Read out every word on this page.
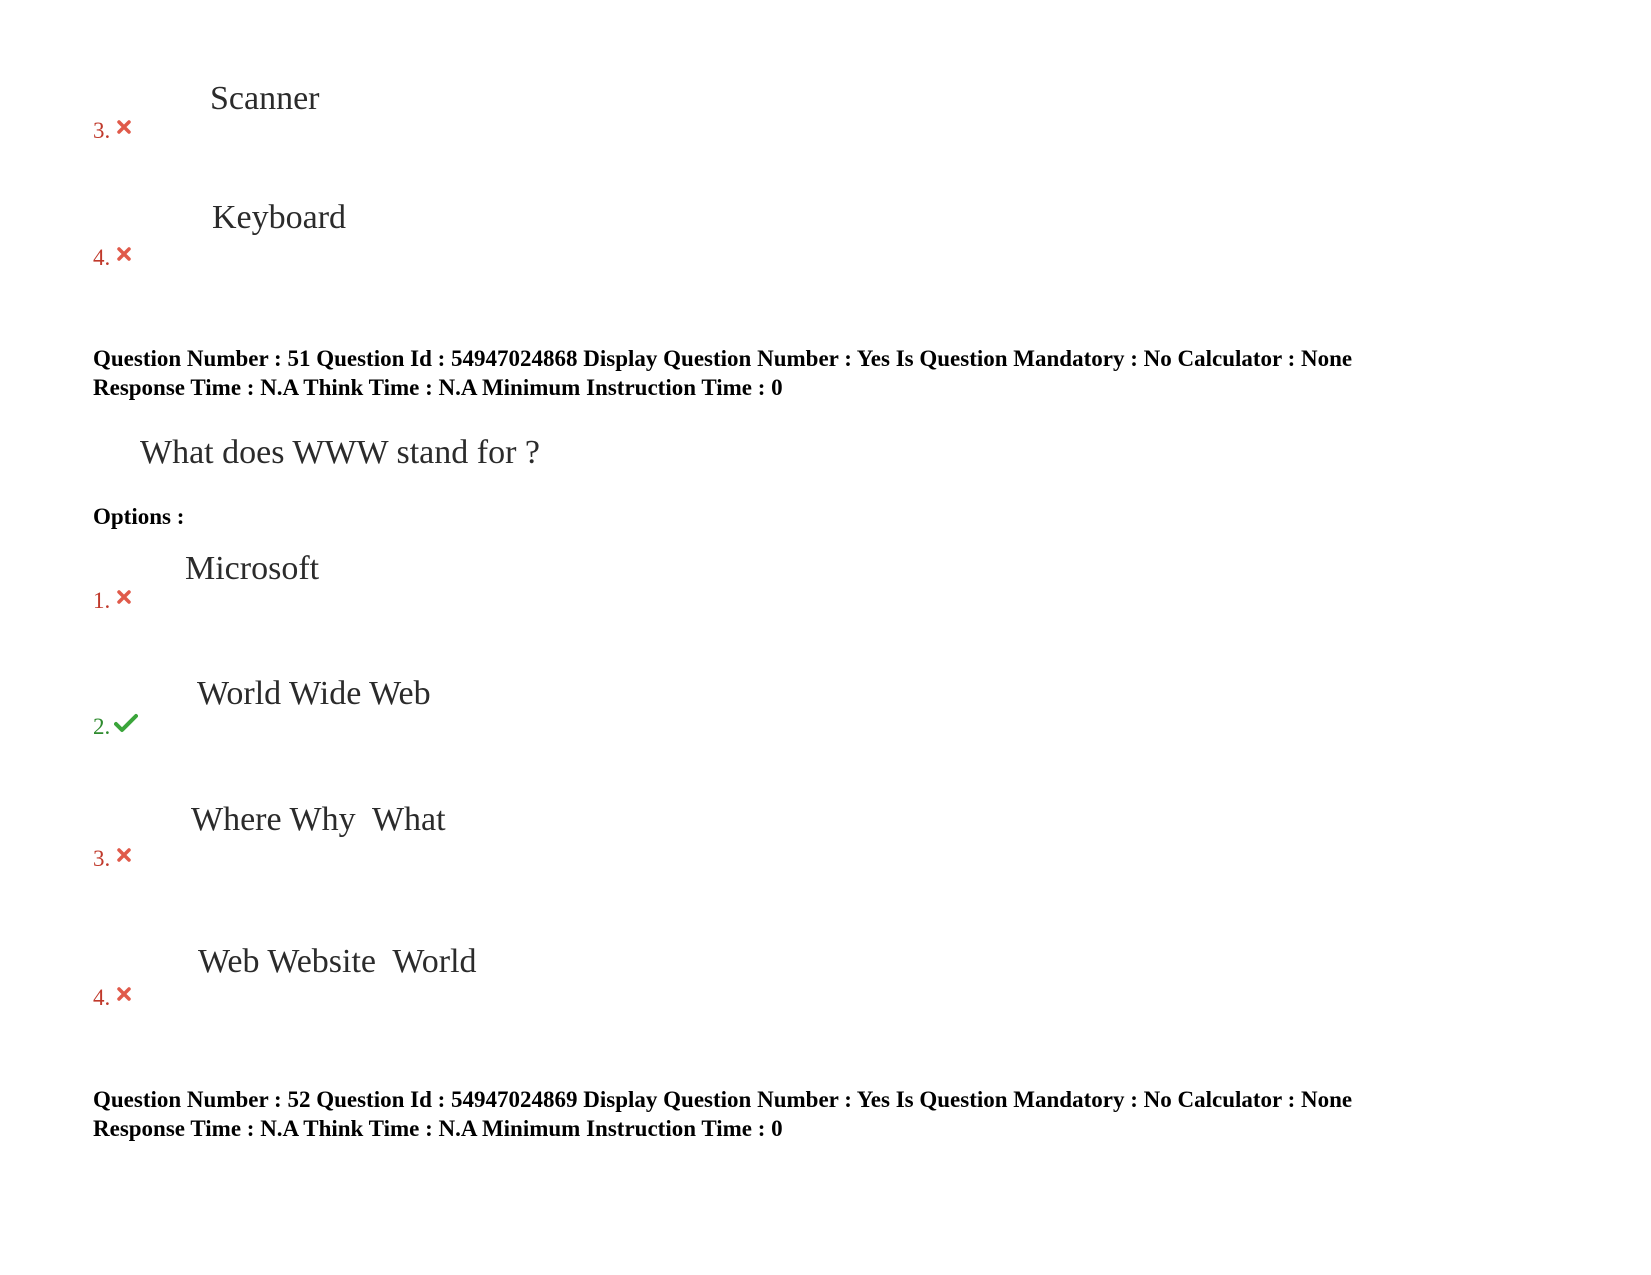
Scanner
3.
Keyboard
4.
Question Number : 51 Question Id : 54947024868 Display Question Number : Yes Is Question Mandatory : No Calculator : None
Response Time : N.A Think Time : N.A Minimum Instruction Time : 0
What does WWW stand for ?
Options :
Microsoft
1.
World Wide Web
2.
Where Why  What
3.
Web Website  World
4.
Question Number : 52 Question Id : 54947024869 Display Question Number : Yes Is Question Mandatory : No Calculator : None
Response Time : N.A Think Time : N.A Minimum Instruction Time : 0
